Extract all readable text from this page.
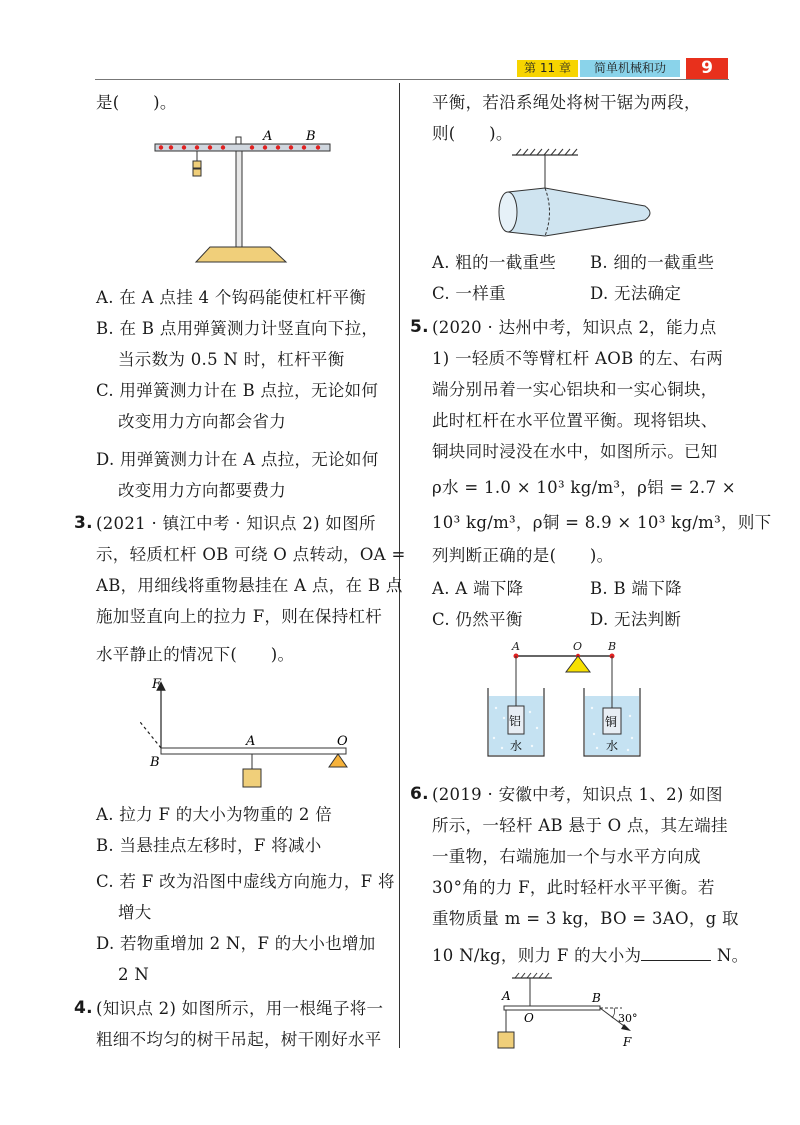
第 11 章	简单机械和功	9
是(　　)。
A	B
A. 在 A 点挂 4 个钩码能使杠杆平衡
B. 在 B 点用弹簧测力计竖直向下拉，
当示数为 0.5 N 时，杠杆平衡
C. 用弹簧测力计在 B 点拉，无论如何
改变用力方向都会省力
D. 用弹簧测力计在 A 点拉，无论如何
改变用力方向都要费力
3. (2021 · 镇江中考 · 知识点 2) 如图所
示，轻质杠杆 OB 可绕 O 点转动，OA =
AB，用细线将重物悬挂在 A 点，在 B 点
施加竖直向上的拉力 F，则在保持杠杆
水平静止的情况下(　　)。
F
A
B
O
A. 拉力 F 的大小为物重的 2 倍
B. 当悬挂点左移时，F 将减小
C. 若 F 改为沿图中虚线方向施力，F 将
增大
D. 若物重增加 2 N，F 的大小也增加
2 N
4. (知识点 2) 如图所示，用一根绳子将一
粗细不均匀的树干吊起，树干刚好水平
平衡，若沿系绳处将树干锯为两段，
则(　　)。
A. 粗的一截重些 B. 细的一截重些
C. 一样重	D. 无法确定
5. (2020 · 达州中考，知识点 2，能力点
1) 一轻质不等臂杠杆 AOB 的左、右两
端分别吊着一实心铝块和一实心铜块，
此时杠杆在水平位置平衡。现将铝块、
铜块同时浸没在水中，如图所示。已知
ρ水 = 1.0 × 10³ kg/m³，ρ铝 = 2.7 ×
10³ kg/m³，ρ铜 = 8.9 × 10³ kg/m³，则下
列判断正确的是(　　)。
A. A 端下降	B. B 端下降
C. 仍然平衡	D. 无法判断
A	O B
铝
水
铜
水
6. (2019 · 安徽中考，知识点 1、2) 如图
所示，一轻杆 AB 悬于 O 点，其左端挂
一重物，右端施加一个与水平方向成
30°角的力 F，此时轻杆水平平衡。若
重物质量 m = 3 kg，BO = 3AO，g 取
10 N/kg，则力 F 的大小为	N。
A	B
O	30°
F
